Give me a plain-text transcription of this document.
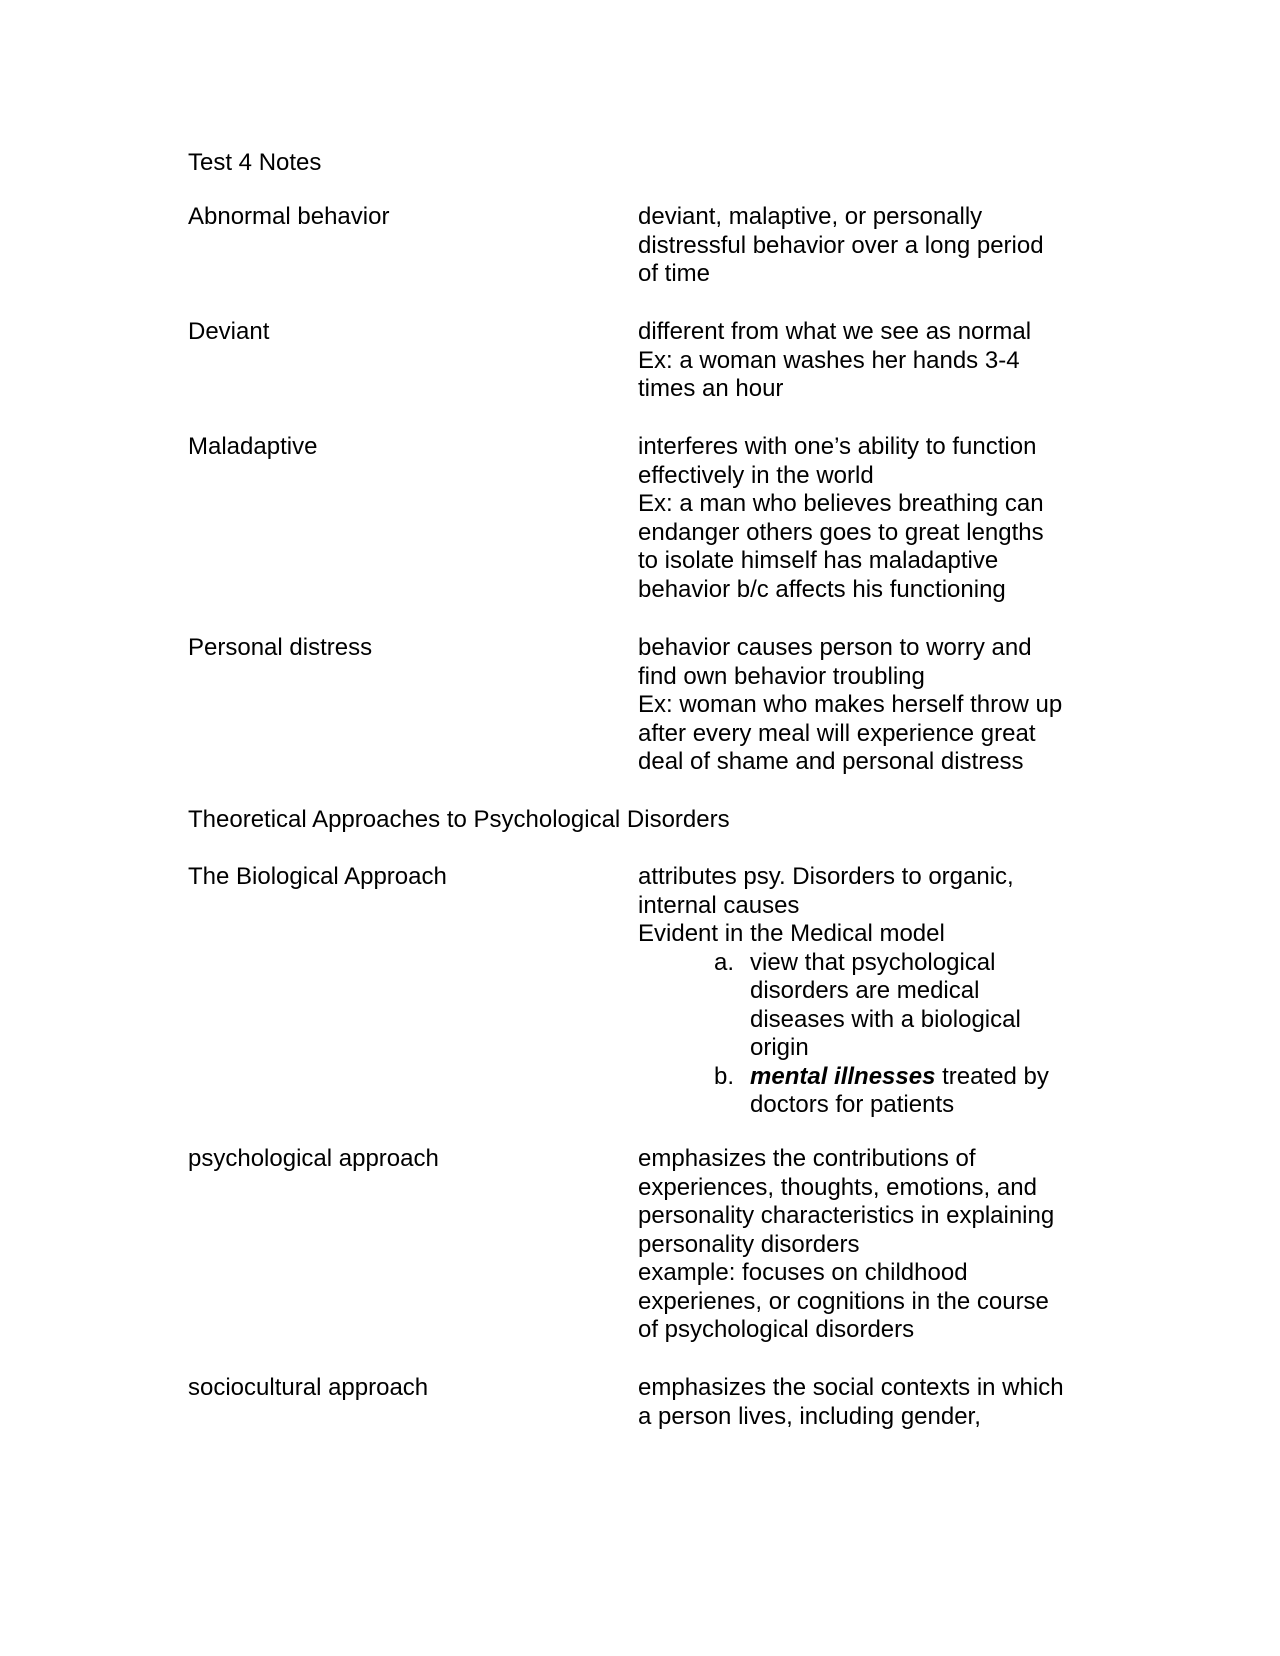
Test 4 Notes

Abnormal behavior	deviant, malaptive, or personally
distressful behavior over a long period
of time

Deviant	different from what we see as normal
Ex: a woman washes her hands 3-4
times an hour

Maladaptive	interferes with one’s ability to function
effectively in the world
Ex: a man who believes breathing can
endanger others goes to great lengths
to isolate himself has maladaptive
behavior b/c affects his functioning

Personal distress	behavior causes person to worry and
find own behavior troubling
Ex: woman who makes herself throw up
after every meal will experience great
deal of shame and personal distress

Theoretical Approaches to Psychological Disorders

The Biological Approach	attributes psy. Disorders to organic,
internal causes
Evident in the Medical model
a. view that psychological
disorders are medical
diseases with a biological
origin
b. mental illnesses treated by
doctors for patients

psychological approach	emphasizes the contributions of
experiences, thoughts, emotions, and
personality characteristics in explaining
personality disorders
example: focuses on childhood
experienes, or cognitions in the course
of psychological disorders

sociocultural approach	emphasizes the social contexts in which
a person lives, including gender,
